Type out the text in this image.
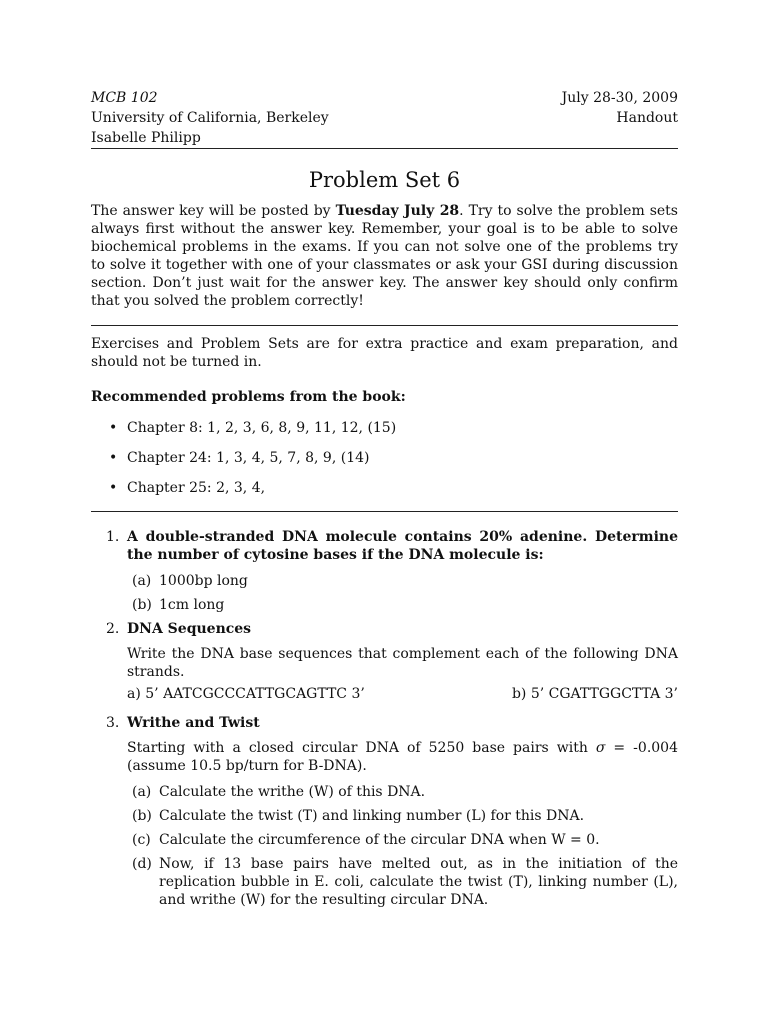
MCB 102
University of California, Berkeley
Isabelle Philipp
July 28-30, 2009
Handout
Problem Set 6

The answer key will be posted by Tuesday July 28. Try to solve the problem sets always first without the answer key. Remember, your goal is to be able to solve biochemical problems in the exams. If you can not solve one of the problems try to solve it together with one of your classmates or ask your GSI during discussion section. Don’t just wait for the answer key. The answer key should only confirm that you solved the problem correctly!

Exercises and Problem Sets are for extra practice and exam preparation, and should not be turned in.

Recommended problems from the book:
• Chapter 8: 1, 2, 3, 6, 8, 9, 11, 12, (15)
• Chapter 24: 1, 3, 4, 5, 7, 8, 9, (14)
• Chapter 25: 2, 3, 4,
1. A double-stranded DNA molecule contains 20% adenine. Determine the number of cytosine bases if the DNA molecule is:

(a) 1000bp long
(b) 1cm long
2. DNA Sequences

Write the DNA base sequences that complement each of the following DNA strands.

a) 5’ AATCGCCCATTGCAGTTC 3’	b) 5’ CGATTGGCTTA 3’
3. Writhe and Twist

Starting with a closed circular DNA of 5250 base pairs with σ = -0.004 (assume 10.5 bp/turn for B-DNA).

(a) Calculate the writhe (W) of this DNA.
(b) Calculate the twist (T) and linking number (L) for this DNA.
(c) Calculate the circumference of the circular DNA when W = 0.
(d) Now, if 13 base pairs have melted out, as in the initiation of the replication bubble in E. coli, calculate the twist (T), linking number (L), and writhe (W) for the resulting circular DNA.
